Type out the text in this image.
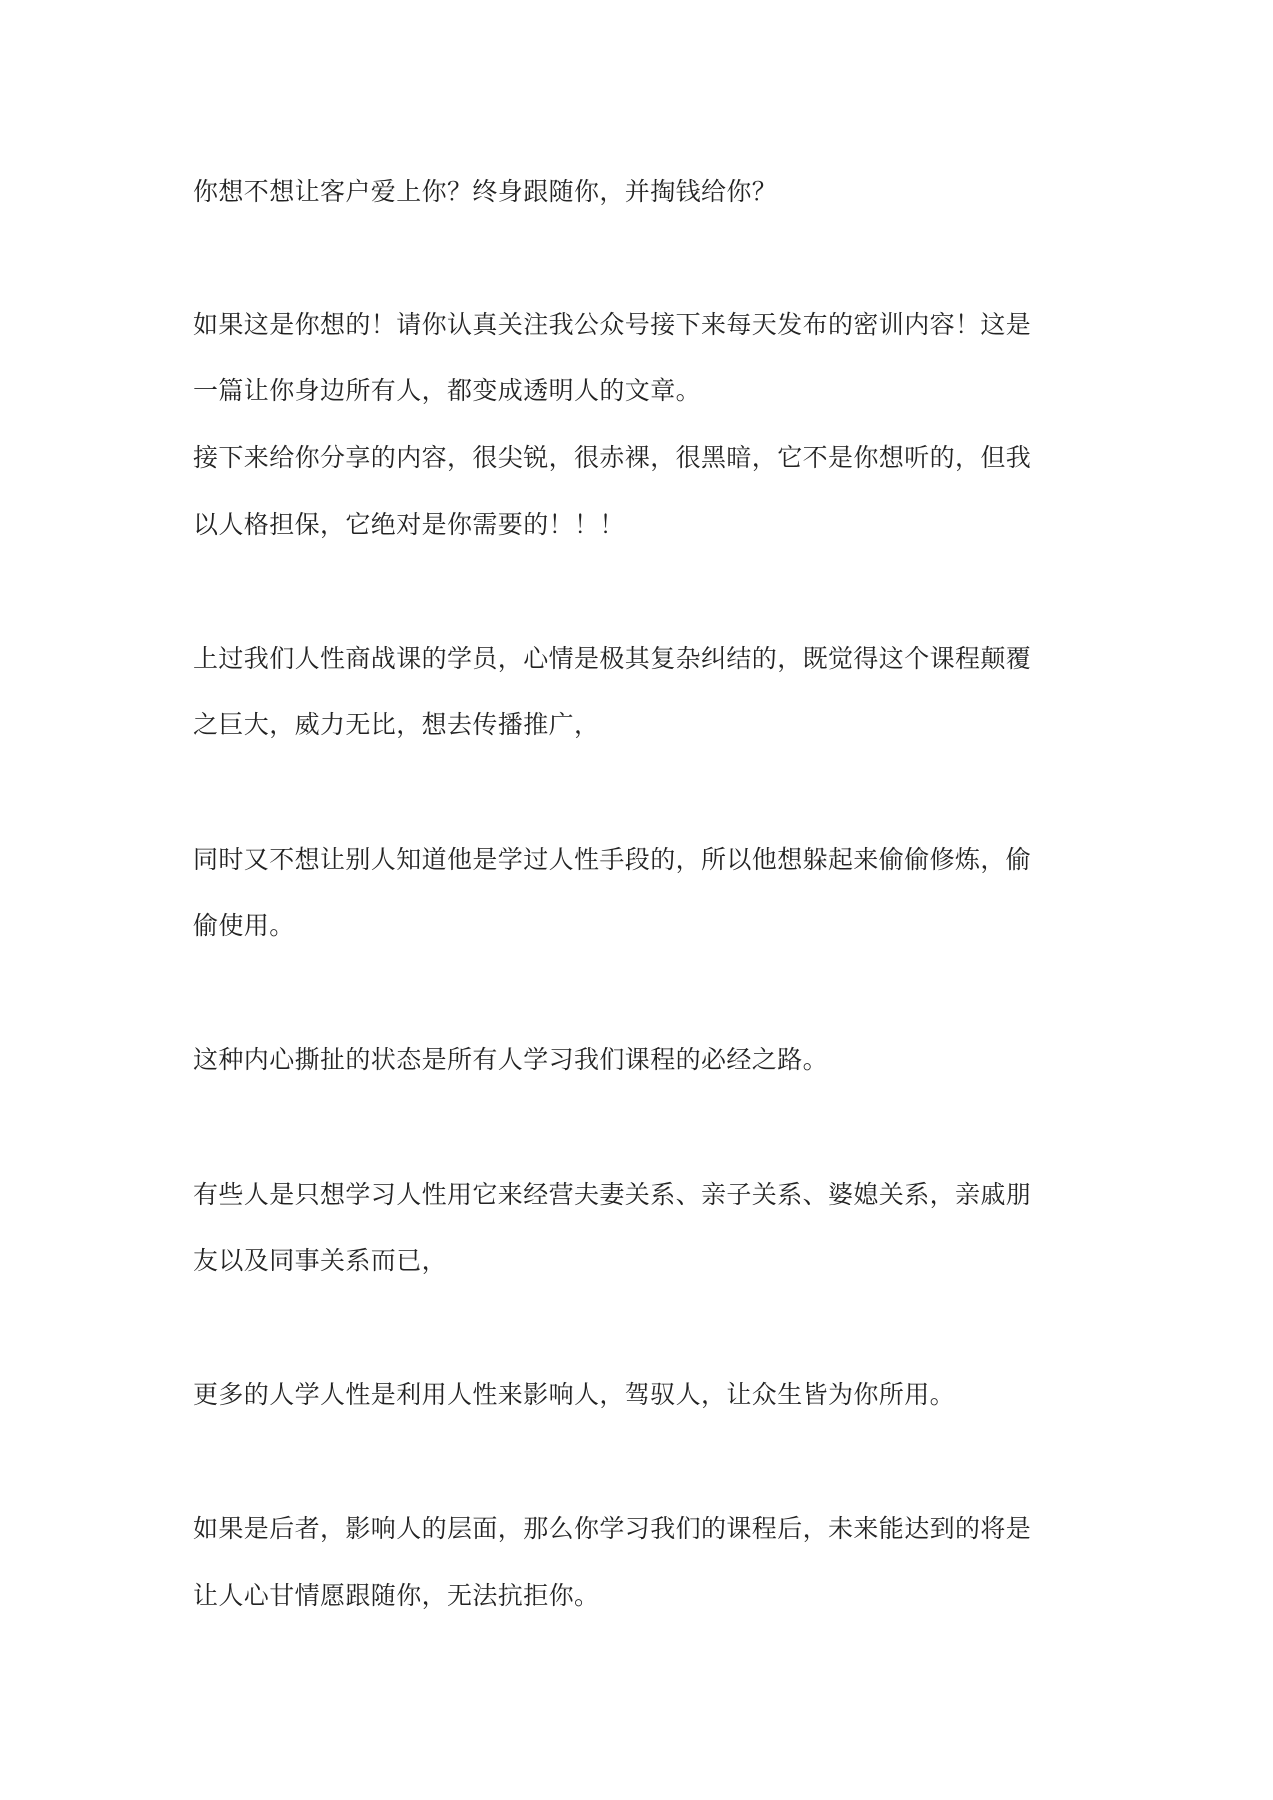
你想不想让客户爱上你？终身跟随你，并掏钱给你？
如果这是你想的！请你认真关注我公众号接下来每天发布的密训内容！这是
一篇让你身边所有人，都变成透明人的文章。
接下来给你分享的内容，很尖锐，很赤裸，很黑暗，它不是你想听的，但我
以人格担保，它绝对是你需要的！！！
上过我们人性商战课的学员，心情是极其复杂纠结的，既觉得这个课程颠覆
之巨大，威力无比，想去传播推广，
同时又不想让别人知道他是学过人性手段的，所以他想躲起来偷偷修炼，偷
偷使用。
这种内心撕扯的状态是所有人学习我们课程的必经之路。
有些人是只想学习人性用它来经营夫妻关系、亲子关系、婆媳关系，亲戚朋
友以及同事关系而已，
更多的人学人性是利用人性来影响人，驾驭人，让众生皆为你所用。
如果是后者，影响人的层面，那么你学习我们的课程后，未来能达到的将是
让人心甘情愿跟随你，无法抗拒你。
